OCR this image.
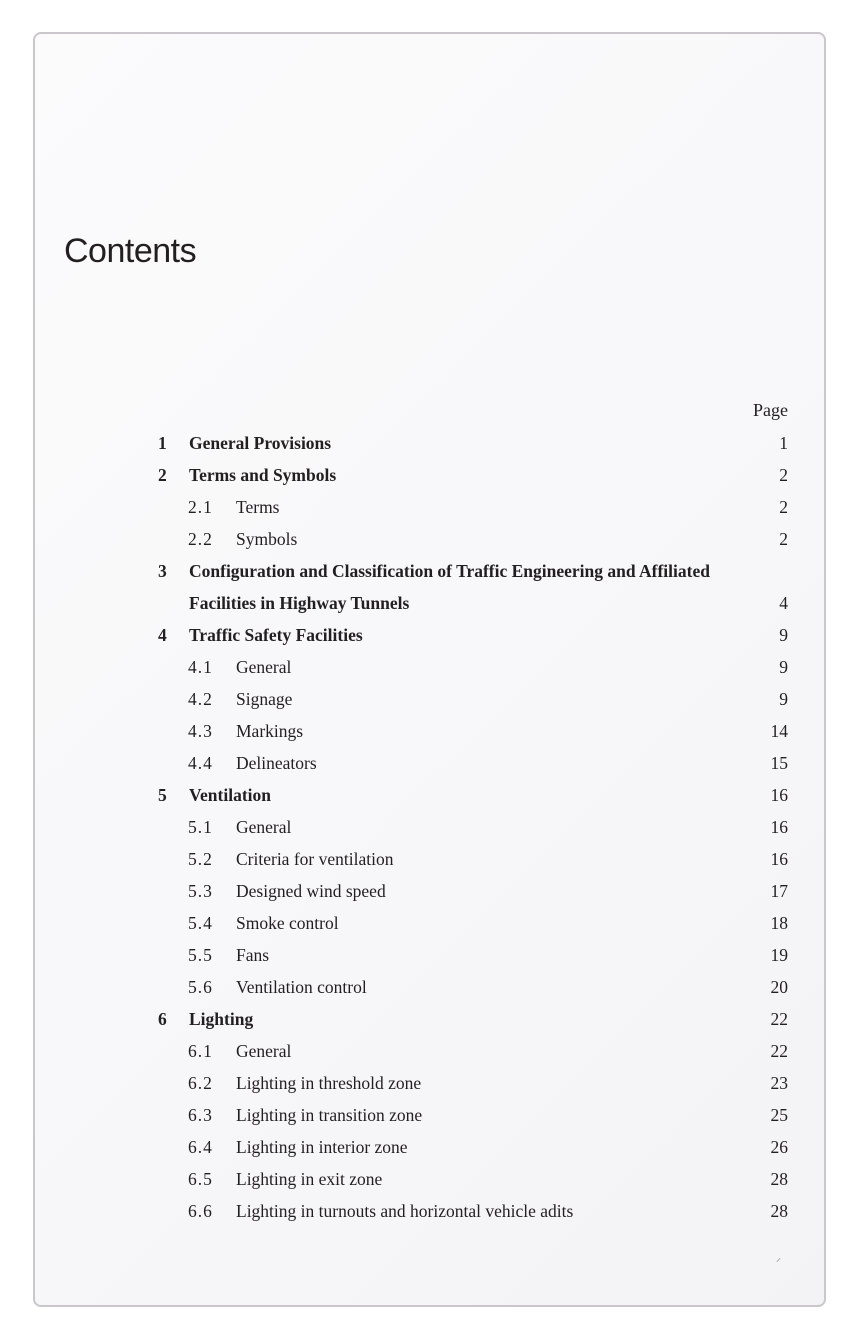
Contents
Page
1 General Provisions	1
2 Terms and Symbols	2
2.1 Terms	2
2.2 Symbols	2
3 Configuration and Classification of Traffic Engineering and Affiliated
Facilities in Highway Tunnels	4
4 Traffic Safety Facilities	9
4.1 General	9
4.2 Signage	9
4.3 Markings	14
4.4 Delineators	15
5 Ventilation	16
5.1 General	16
5.2 Criteria for ventilation	16
5.3 Designed wind speed	17
5.4 Smoke control	18
5.5 Fans	19
5.6 Ventilation control	20
6 Lighting	22
6.1 General	22
6.2 Lighting in threshold zone	23
6.3 Lighting in transition zone	25
6.4 Lighting in interior zone	26
6.5 Lighting in exit zone	28
6.6 Lighting in turnouts and horizontal vehicle adits	28
⸝
